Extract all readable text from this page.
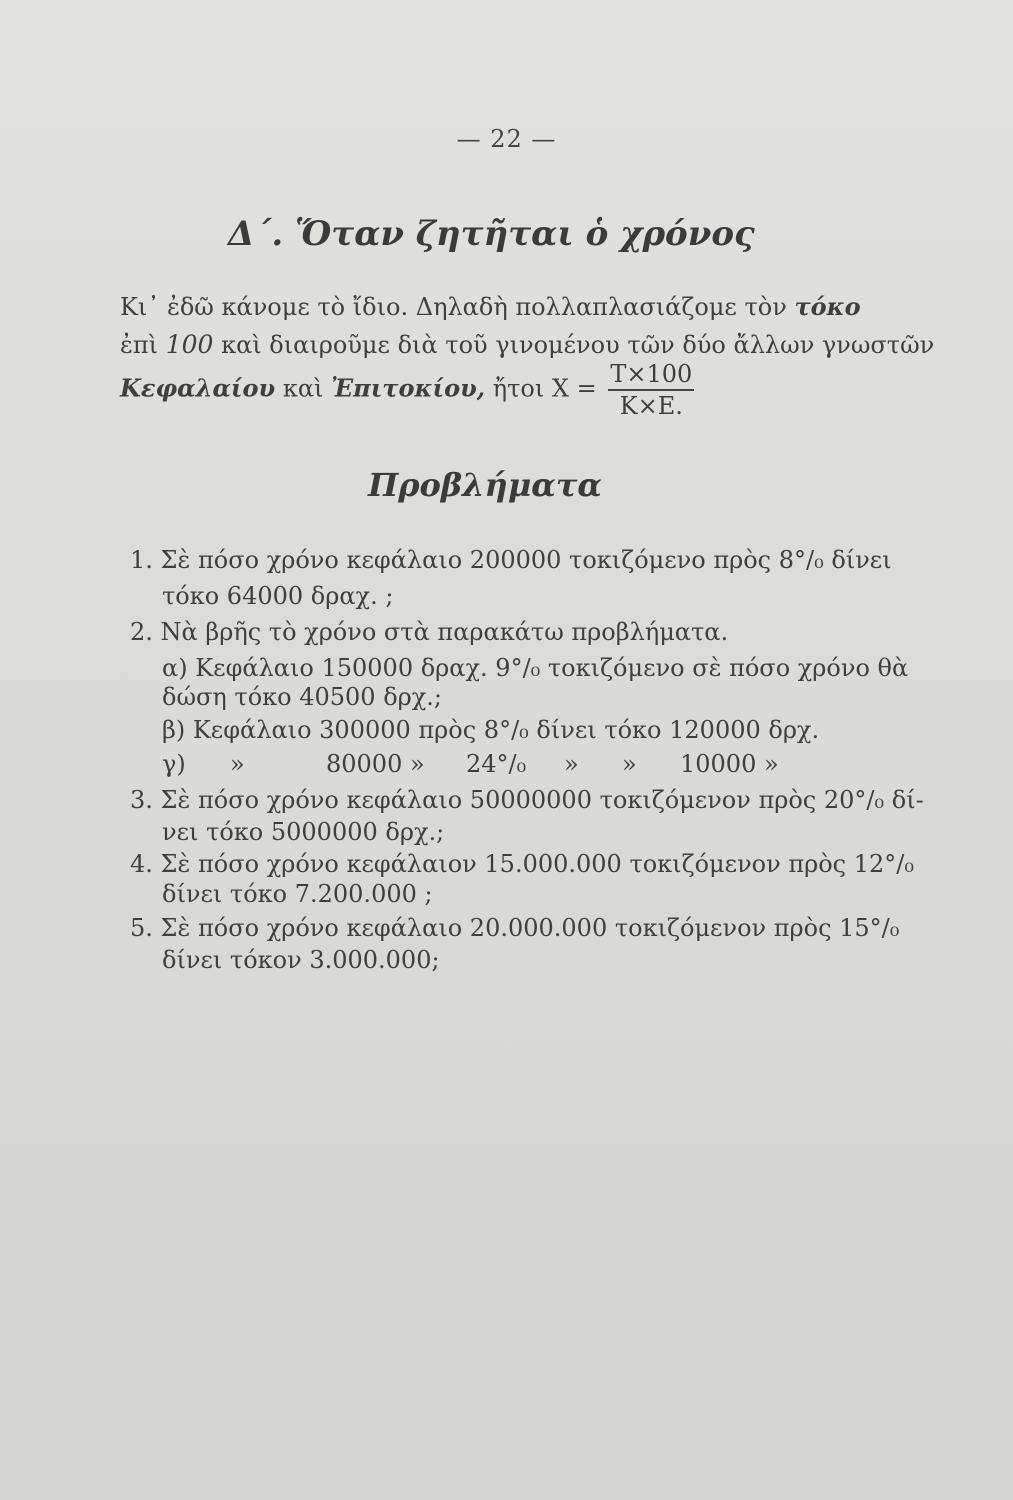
— 22 —
Δ΄. Ὅταν ζητῆται ὁ χρόνος
Κι᾽ ἐδῶ κάνομε τὸ ἴδιο. Δηλαδὴ πολλαπλασιάζομε τὸν τόκο
ἐπὶ 100 καὶ διαιροῦμε διὰ τοῦ γινομένου τῶν δύο ἄλλων γνωστῶν
Κεφαλαίου καὶ Ἐπιτοκίου, ἤτοι $X = \frac{T\times 100}{K\times E.}$
Προβλήματα
1. Σὲ πόσο χρόνο κεφάλαιο 200000 τοκιζόμενο πρὸς 8°/₀ δίνει
τόκο 64000 δραχ. ;
2. Νὰ βρῆς τὸ χρόνο στὰ παρακάτω προβλήματα.
α) Κεφάλαιο 150000 δραχ. 9°/₀ τοκιζόμενο σὲ πόσο χρόνο θὰ
δώση τόκο 40500 δρχ.;
β) Κεφάλαιο 300000 πρὸς 8°/₀ δίνει τόκο 120000 δρχ.
γ) »	80000 » 24°/₀ » » 10000 »
3. Σὲ πόσο χρόνο κεφάλαιο 50000000 τοκιζόμενον πρὸς 20°/₀ δί-
νει τόκο 5000000 δρχ.;
4. Σὲ πόσο χρόνο κεφάλαιον 15.000.000 τοκιζόμενον πρὸς 12°/₀
δίνει τόκο 7.200.000 ;
5. Σὲ πόσο χρόνο κεφάλαιο 20.000.000 τοκιζόμενον πρὸς 15°/₀
δίνει τόκον 3.000.000;
